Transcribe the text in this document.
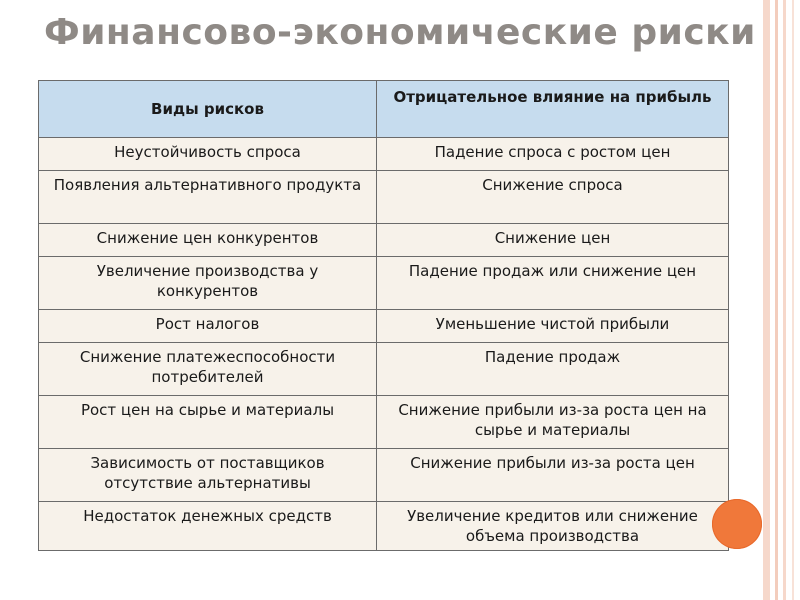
Финансово-экономические риски
Виды рисков	Отрицательное влияние на прибыль
Неустойчивость спроса	Падение спроса с ростом цен
Появления альтернативного продукта	Снижение спроса
Снижение цен конкурентов	Снижение цен
Увеличение производства у конкурентов	Падение продаж или снижение цен
Рост налогов	Уменьшение чистой прибыли
Снижение платежеспособности потребителей	Падение продаж
Рост цен на сырье и материалы	Снижение прибыли из-за роста цен на сырье и материалы
Зависимость от поставщиков отсутствие альтернативы	Снижение прибыли из-за роста цен
Недостаток денежных средств	Увеличение кредитов или снижение объема производства
